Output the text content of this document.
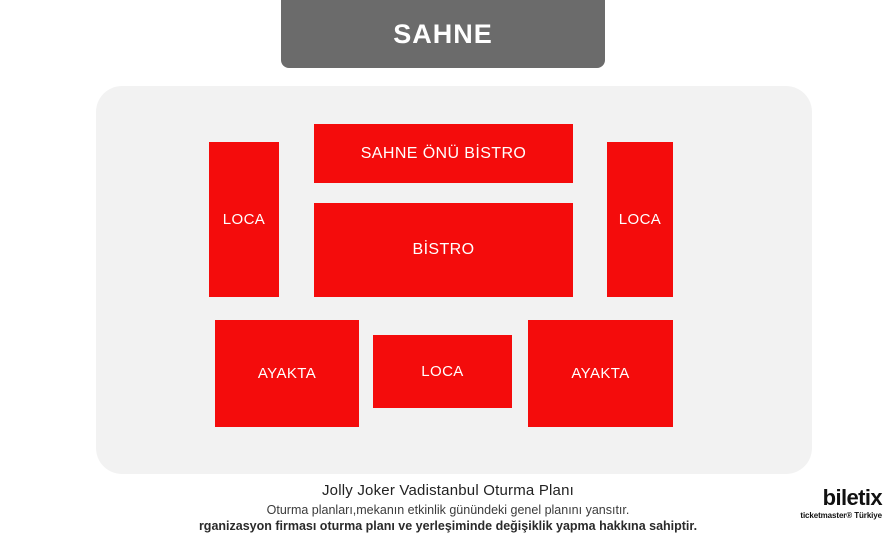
SAHNE
LOCA
SAHNE ÖNÜ BİSTRO
LOCA
BİSTRO
AYAKTA	LOCA	AYAKTA

Jolly Joker Vadistanbul Oturma Planı

Oturma planları,mekanın etkinlik günündeki genel planını yansıtır.

rganizasyon firması oturma planı ve yerleşiminde değişiklik yapma hakkına sahiptir.

biletix
ticketmaster® Türkiye
